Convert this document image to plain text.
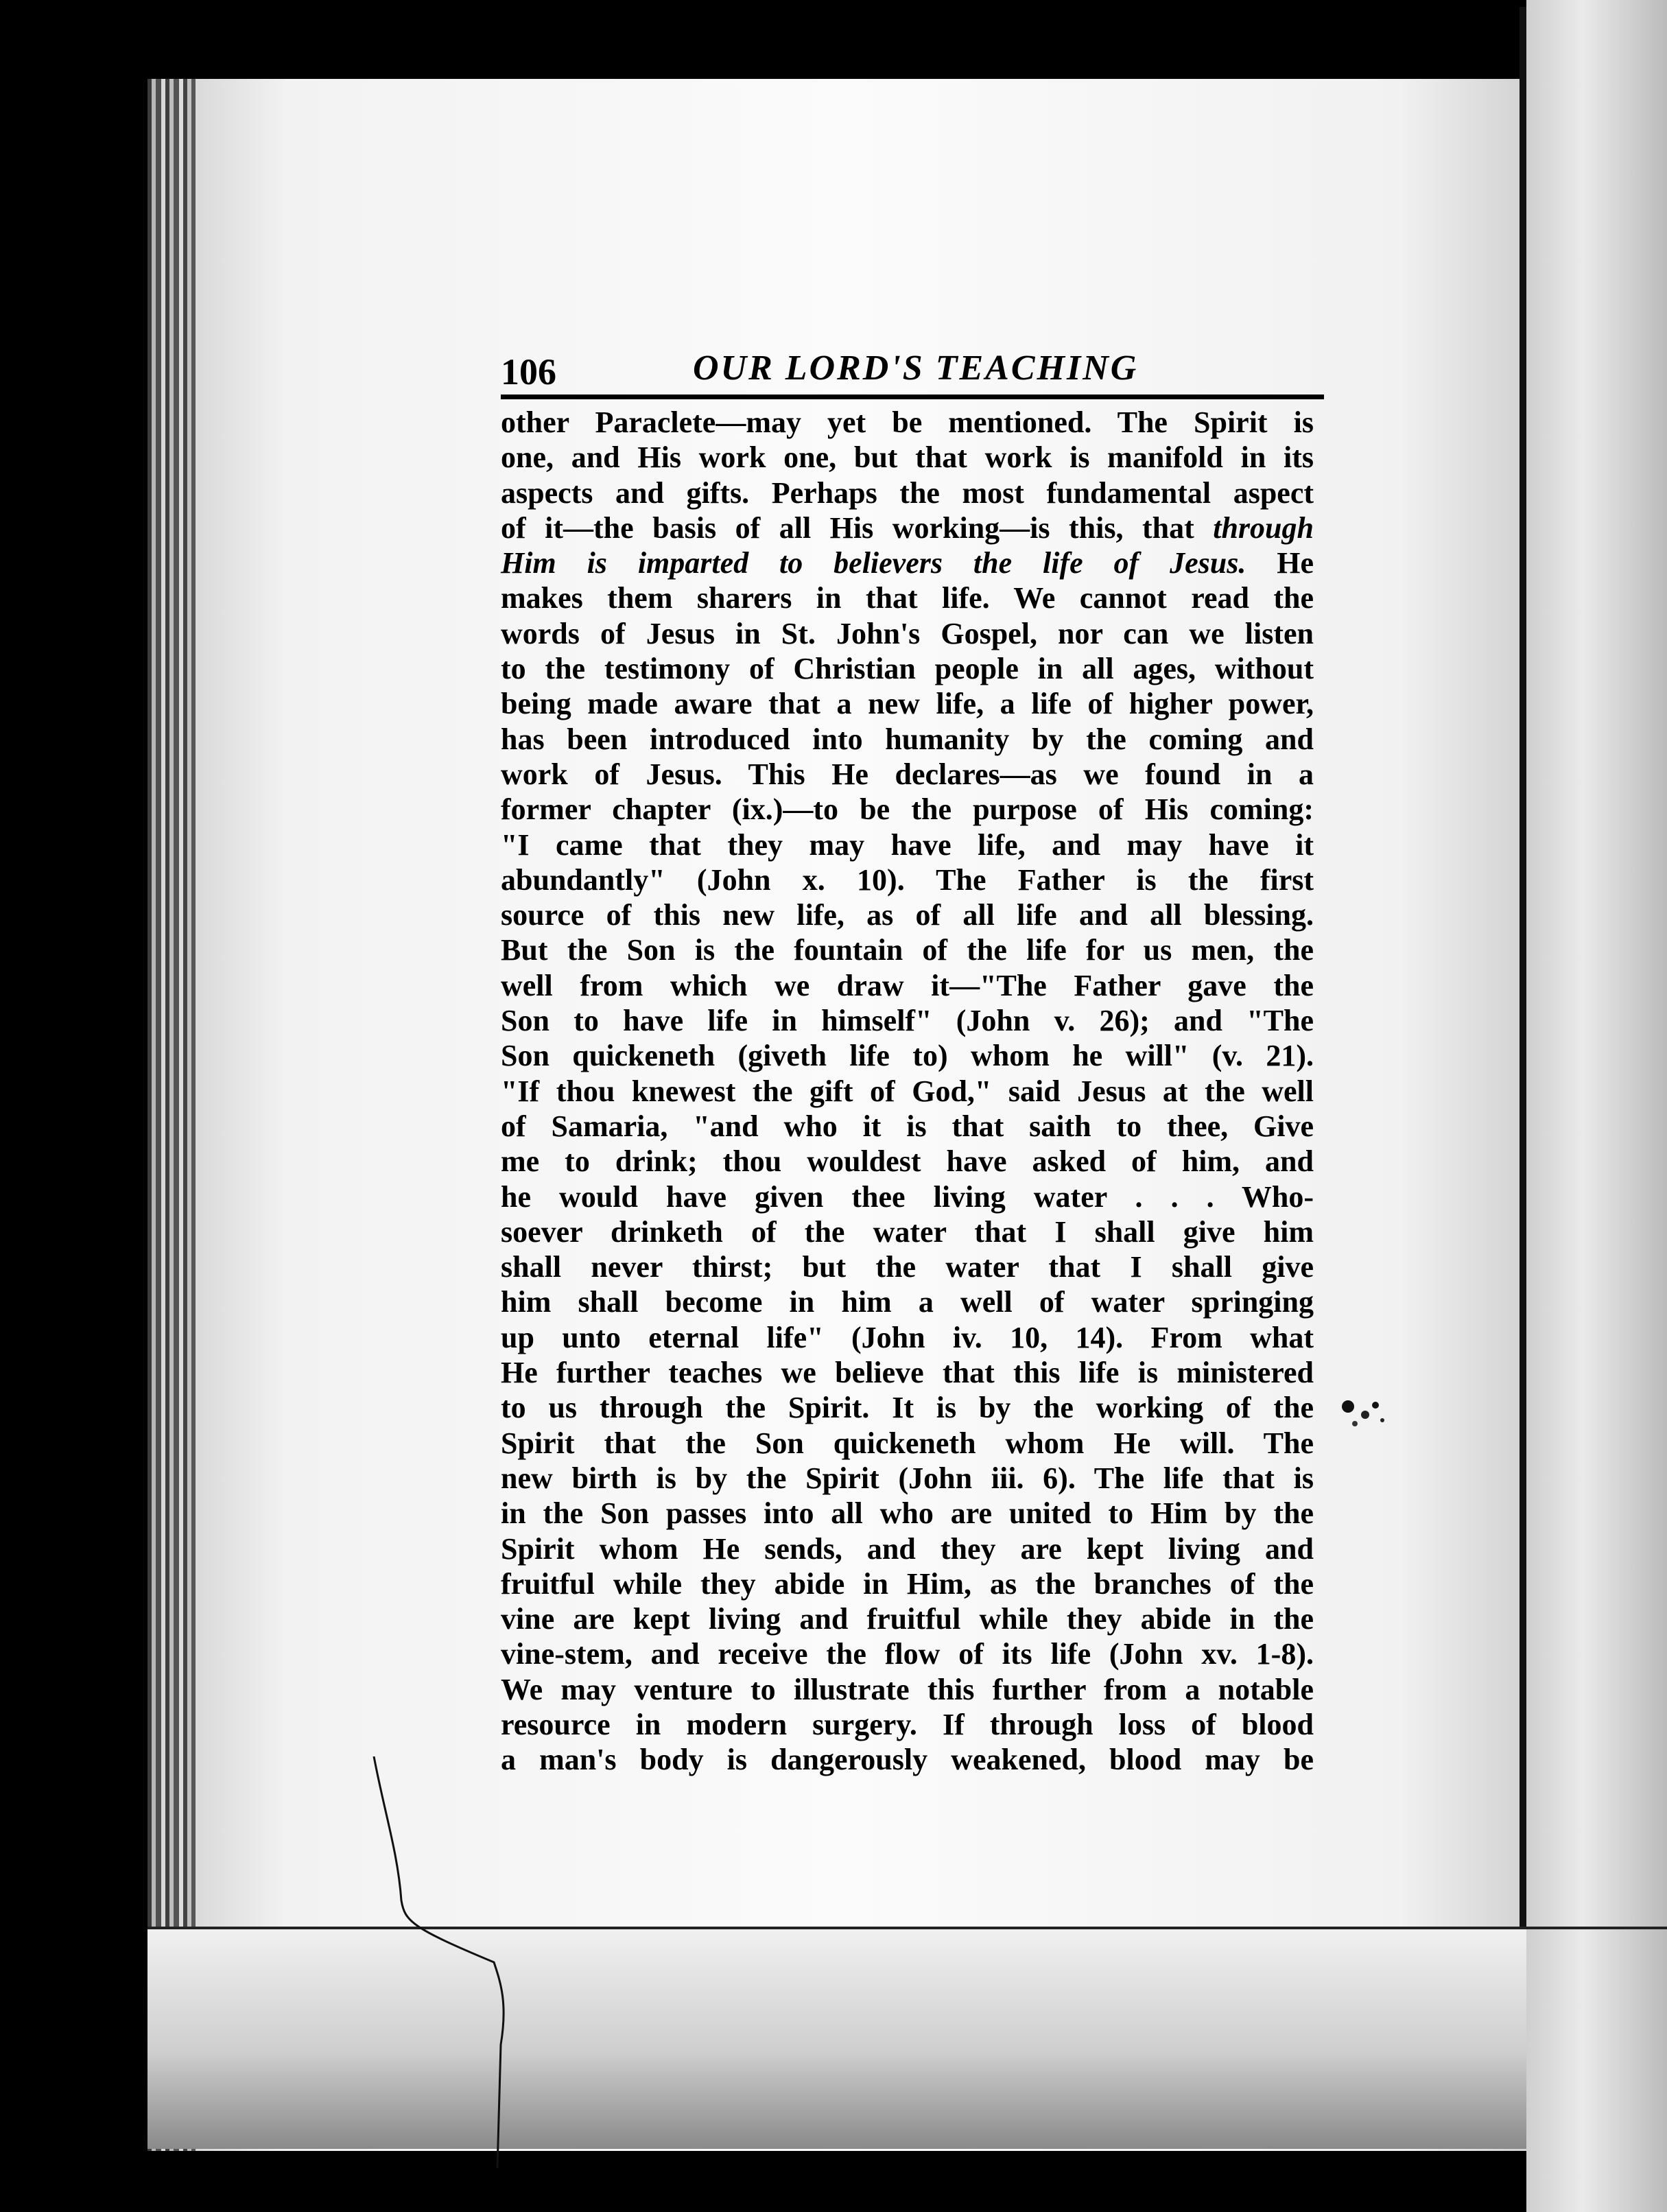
106	OUR LORD'S TEACHING
other Paraclete—may yet be mentioned. The Spirit is
one, and His work one, but that work is manifold in its
aspects and gifts. Perhaps the most fundamental aspect
of it—the basis of all His working—is this, that through
Him is imparted to believers the life of Jesus. He
makes them sharers in that life. We cannot read the
words of Jesus in St. John's Gospel, nor can we listen
to the testimony of Christian people in all ages, without
being made aware that a new life, a life of higher power,
has been introduced into humanity by the coming and
work of Jesus. This He declares—as we found in a
former chapter (ix.)—to be the purpose of His coming:
"I came that they may have life, and may have it
abundantly" (John x. 10). The Father is the first
source of this new life, as of all life and all blessing.
But the Son is the fountain of the life for us men, the
well from which we draw it—"The Father gave the
Son to have life in himself" (John v. 26); and "The
Son quickeneth (giveth life to) whom he will" (v. 21).
"If thou knewest the gift of God," said Jesus at the well
of Samaria, "and who it is that saith to thee, Give
me to drink; thou wouldest have asked of him, and
he would have given thee living water . . . Who-
soever drinketh of the water that I shall give him
shall never thirst; but the water that I shall give
him shall become in him a well of water springing
up unto eternal life" (John iv. 10, 14). From what
He further teaches we believe that this life is ministered
to us through the Spirit. It is by the working of the
Spirit that the Son quickeneth whom He will. The
new birth is by the Spirit (John iii. 6). The life that is
in the Son passes into all who are united to Him by the
Spirit whom He sends, and they are kept living and
fruitful while they abide in Him, as the branches of the
vine are kept living and fruitful while they abide in the
vine-stem, and receive the flow of its life (John xv. 1-8).
We may venture to illustrate this further from a notable
resource in modern surgery. If through loss of blood
a man's body is dangerously weakened, blood may be
